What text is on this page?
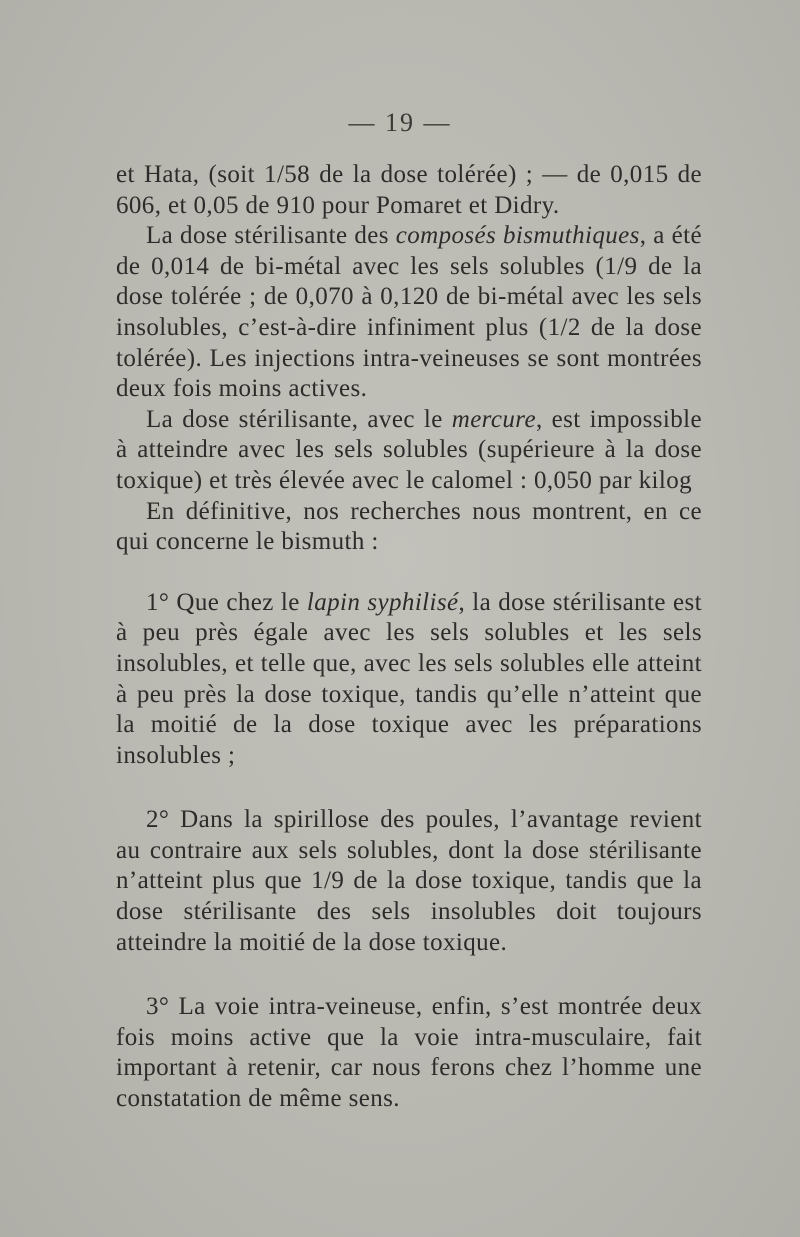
— 19 —

et Hata, (soit 1/58 de la dose tolérée) ; — de 0,015 de 606, et 0,05 de 910 pour Pomaret et Didry.

La dose stérilisante des composés bismuthiques, a été de 0,014 de bi-métal avec les sels solubles (1/9 de la dose tolérée ; de 0,070 à 0,120 de bi-métal avec les sels insolubles, c’est-à-dire infiniment plus (1/2 de la dose tolérée). Les injections intra-veineuses se sont montrées deux fois moins actives.

La dose stérilisante, avec le mercure, est impossible à atteindre avec les sels solubles (supérieure à la dose toxique) et très élevée avec le calomel : 0,050 par kilog

En définitive, nos recherches nous montrent, en ce qui concerne le bismuth :

1° Que chez le lapin syphilisé, la dose stérilisante est à peu près égale avec les sels solubles et les sels insolubles, et telle que, avec les sels solubles elle atteint à peu près la dose toxique, tandis qu’elle n’atteint que la moitié de la dose toxique avec les préparations insolubles ;

2° Dans la spirillose des poules, l’avantage revient au contraire aux sels solubles, dont la dose stérilisante n’atteint plus que 1/9 de la dose toxique, tandis que la dose stérilisante des sels insolubles doit toujours atteindre la moitié de la dose toxique.

3° La voie intra-veineuse, enfin, s’est montrée deux fois moins active que la voie intra-musculaire, fait important à retenir, car nous ferons chez l’homme une constatation de même sens.
